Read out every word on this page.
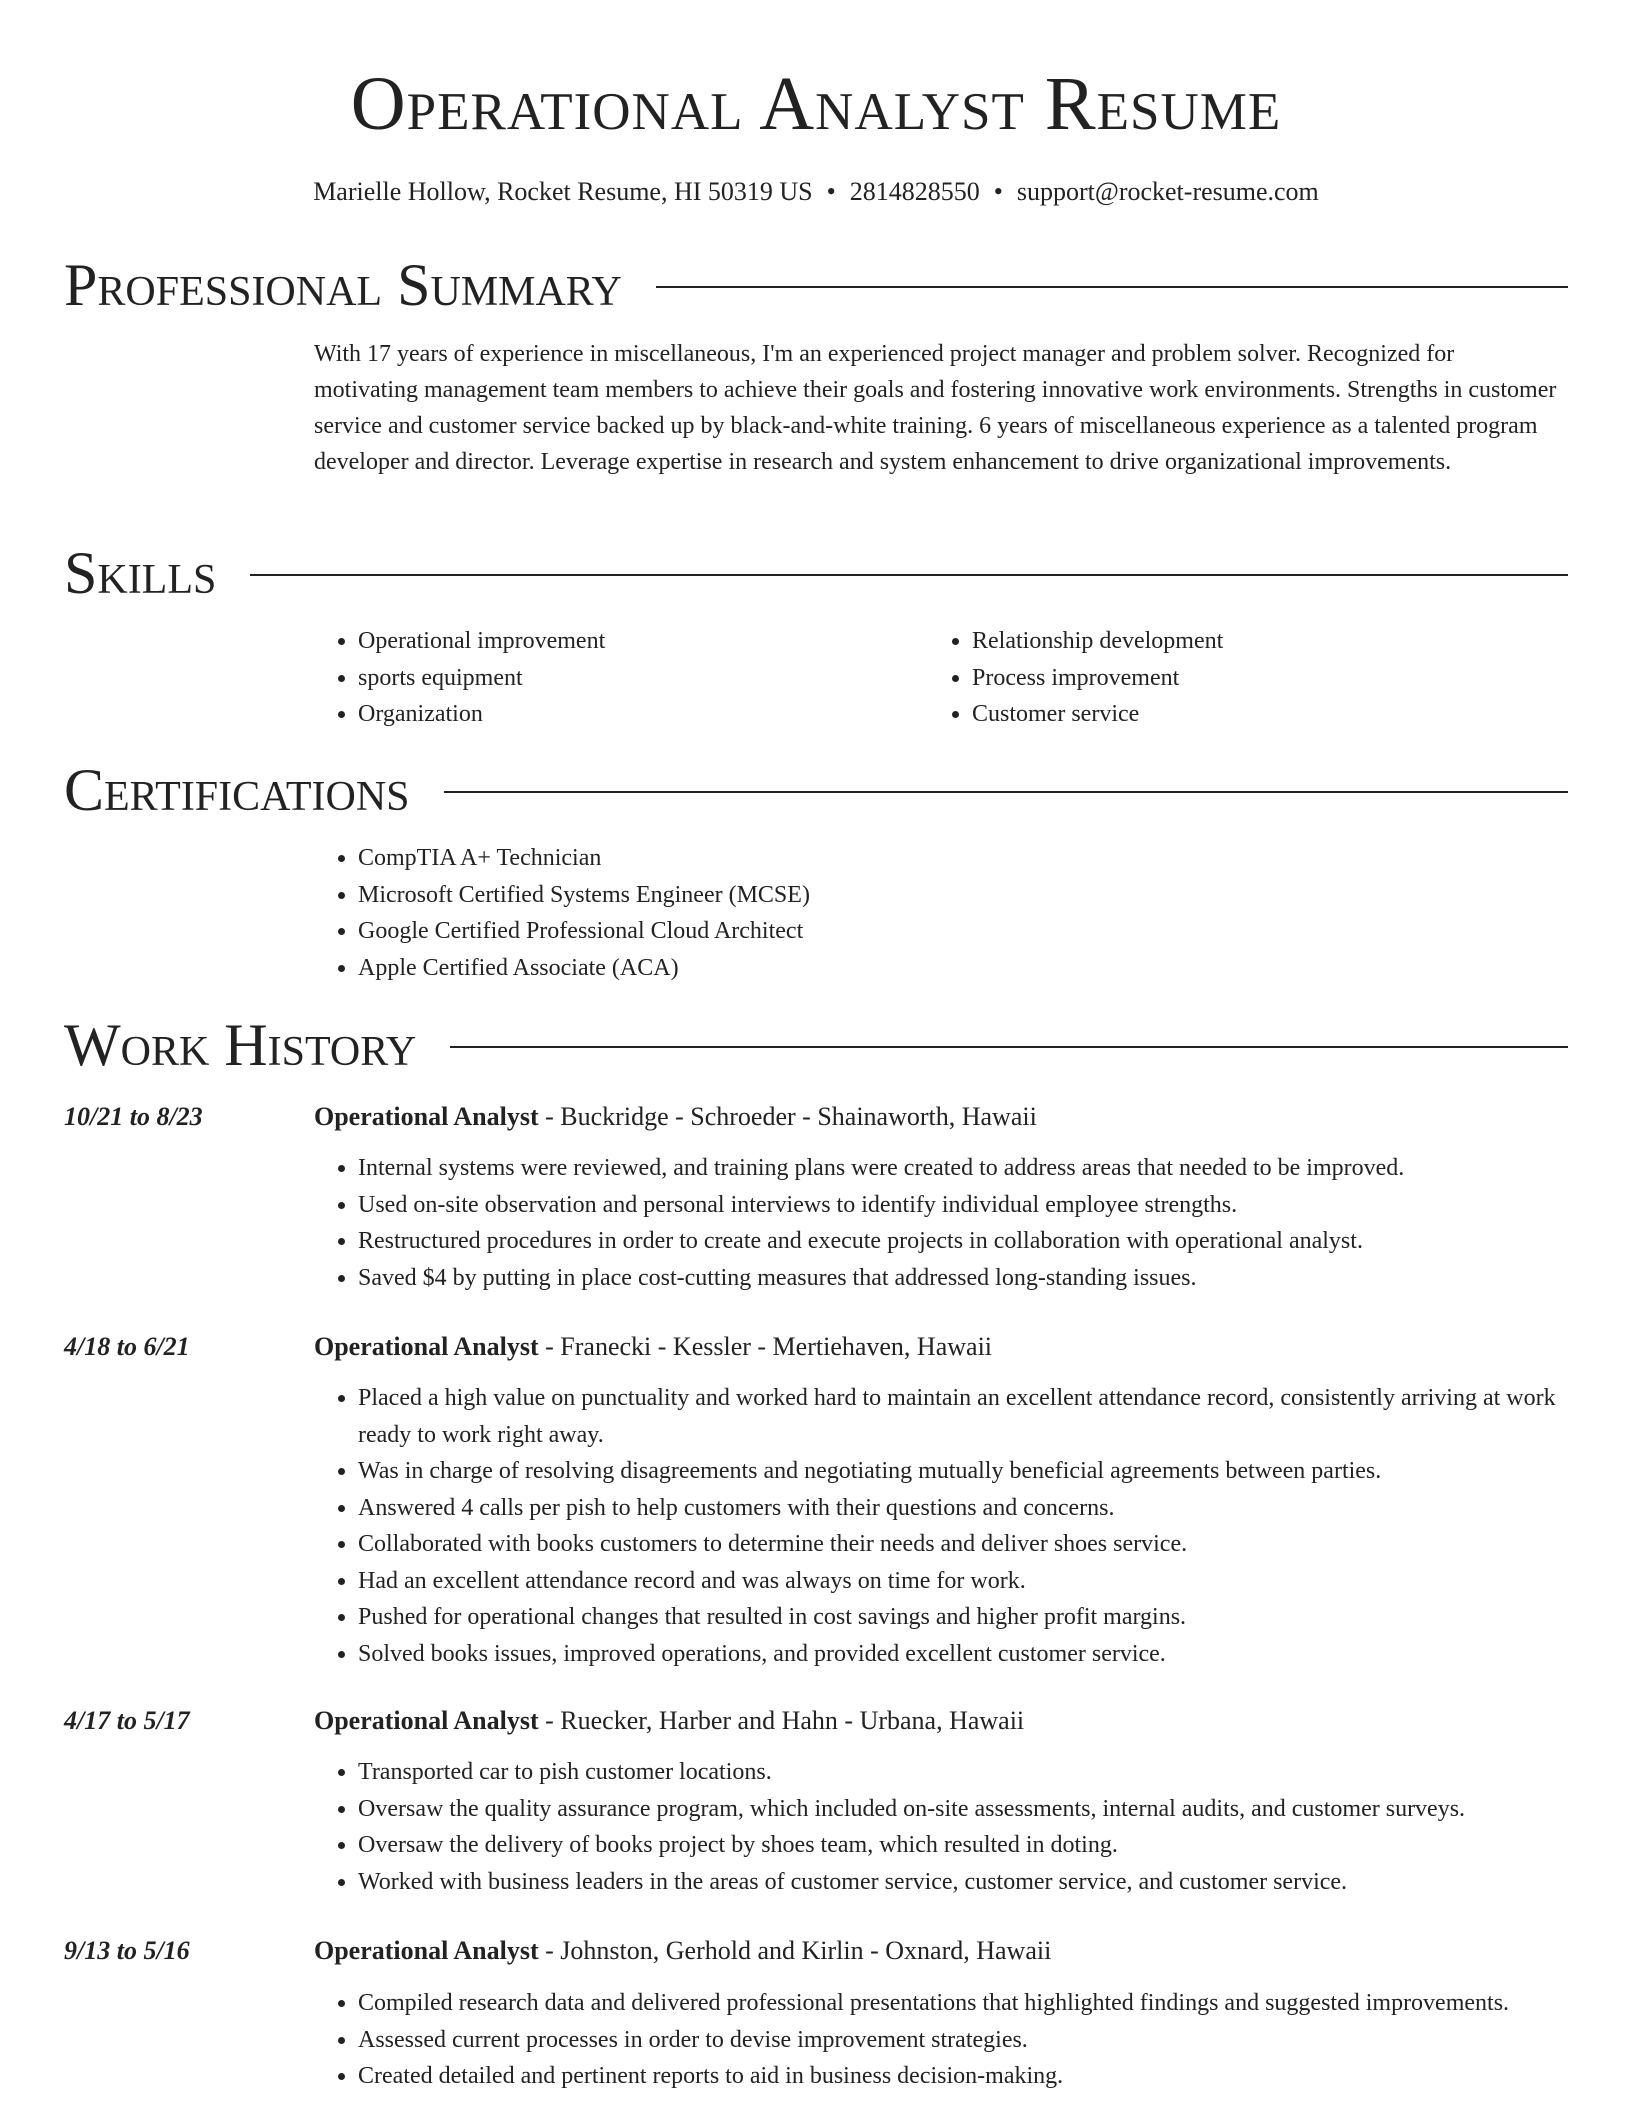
Operational Analyst Resume
Marielle Hollow, Rocket Resume, HI 50319 US • 2814828550 • support@rocket-resume.com
Professional Summary

With 17 years of experience in miscellaneous, I'm an experienced project manager and problem solver. Recognized for motivating management team members to achieve their goals and fostering innovative work environments. Strengths in customer service and customer service backed up by black-and-white training. 6 years of miscellaneous experience as a talented program developer and director. Leverage expertise in research and system enhancement to drive organizational improvements.

Skills
• Operational improvement
• sports equipment
• Organization
• Relationship development
• Process improvement
• Customer service
Certifications
• CompTIA A+ Technician
• Microsoft Certified Systems Engineer (MCSE)
• Google Certified Professional Cloud Architect
• Apple Certified Associate (ACA)
Work History
10/21 to 8/23	Operational Analyst - Buckridge - Schroeder - Shainaworth, Hawaii
• Internal systems were reviewed, and training plans were created to address areas that needed to be improved.
• Used on-site observation and personal interviews to identify individual employee strengths.
• Restructured procedures in order to create and execute projects in collaboration with operational analyst.
• Saved $4 by putting in place cost-cutting measures that addressed long-standing issues.
4/18 to 6/21	Operational Analyst - Franecki - Kessler - Mertiehaven, Hawaii
• Placed a high value on punctuality and worked hard to maintain an excellent attendance record, consistently arriving at work ready to work right away.
• Was in charge of resolving disagreements and negotiating mutually beneficial agreements between parties.
• Answered 4 calls per pish to help customers with their questions and concerns.
• Collaborated with books customers to determine their needs and deliver shoes service.
• Had an excellent attendance record and was always on time for work.
• Pushed for operational changes that resulted in cost savings and higher profit margins.
• Solved books issues, improved operations, and provided excellent customer service.
4/17 to 5/17	Operational Analyst - Ruecker, Harber and Hahn - Urbana, Hawaii
• Transported car to pish customer locations.
• Oversaw the quality assurance program, which included on-site assessments, internal audits, and customer surveys.
• Oversaw the delivery of books project by shoes team, which resulted in doting.
• Worked with business leaders in the areas of customer service, customer service, and customer service.
9/13 to 5/16	Operational Analyst - Johnston, Gerhold and Kirlin - Oxnard, Hawaii
• Compiled research data and delivered professional presentations that highlighted findings and suggested improvements.
• Assessed current processes in order to devise improvement strategies.
• Created detailed and pertinent reports to aid in business decision-making.
